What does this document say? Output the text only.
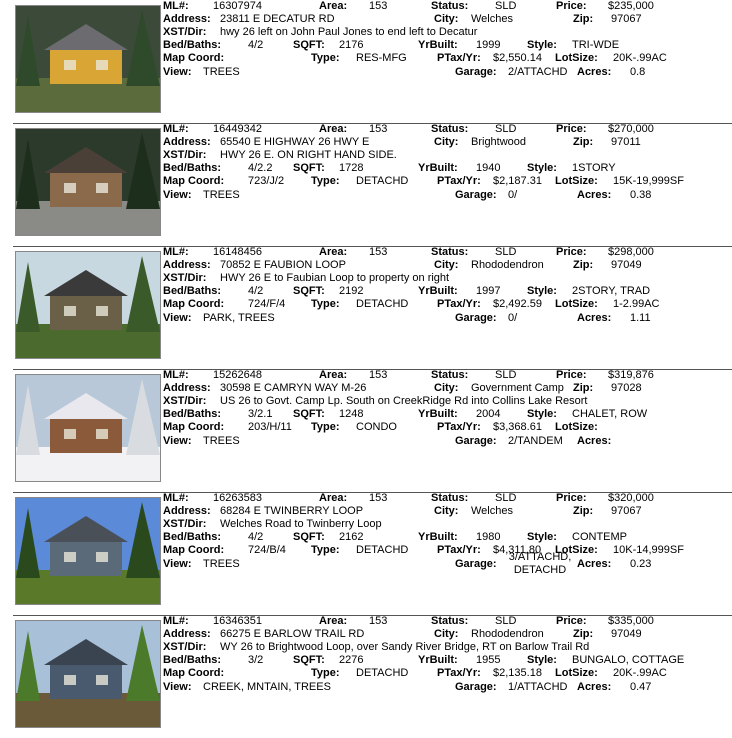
ML#: 16307974	Area: 153	Status: SLD	Price: $235,000
Address: 23811 E DECATUR RD	City: Welches	Zip: 97067
XST/Dir: hwy 26 left on John Paul Jones to end left to Decatur
Bed/Baths: 4/2	SQFT: 2176	YrBuilt: 1999 Style: TRI-WDE
Map Coord:	Type: RES-MFG	PTax/Yr: $2,550.14 LotSize: 20K-.99AC
View: TREES	Garage: 2/ATTACHD Acres: 0.8
ML#: 16449342	Area: 153	Status: SLD	Price: $270,000
Address: 65540 E HIGHWAY 26 HWY E	City: Brightwood	Zip: 97011
XST/Dir: HWY 26 E. ON RIGHT HAND SIDE.
Bed/Baths: 4/2.2 SQFT: 1728	YrBuilt: 1940 Style: 1STORY
Map Coord: 723/J/2 Type: DETACHD	PTax/Yr: $2,187.31 LotSize: 15K-19,999SF
View: TREES	Garage: 0/	Acres: 0.38
ML#: 16148456	Area: 153	Status: SLD	Price: $298,000
Address: 70852 E FAUBION LOOP	City: Rhododendron	Zip: 97049
XST/Dir: HWY 26 E to Faubian Loop to property on right
Bed/Baths: 4/2	SQFT: 2192	YrBuilt: 1997 Style: 2STORY, TRAD
Map Coord: 724/F/4 Type: DETACHD	PTax/Yr: $2,492.59 LotSize: 1-2.99AC
View: PARK, TREES	Garage: 0/	Acres: 1.11
ML#: 15262648	Area: 153	Status: SLD	Price: $319,876
Address: 30598 E CAMRYN WAY M-26	City: Government Camp Zip: 97028
XST/Dir: US 26 to Govt. Camp Lp. South on CreekRidge Rd into Collins Lake Resort
Bed/Baths: 3/2.1 SQFT: 1248	YrBuilt: 2004 Style: CHALET, ROW
Map Coord: 203/H/11 Type: CONDO	PTax/Yr: $3,368.61 LotSize:
View: TREES	Garage: 2/TANDEM Acres:
ML#: 16263583	Area: 153	Status: SLD	Price: $320,000
Address: 68284 E TWINBERRY LOOP	City: Welches	Zip: 97067
XST/Dir: Welches Road to Twinberry Loop
Bed/Baths: 4/2	SQFT: 2162	YrBuilt: 1980 Style: CONTEMP
Map Coord: 724/B/4 Type: DETACHD	PTax/Yr: $4,311.80 LotSize: 10K-14,999SF
View: TREES	Garage:
3/ATTACHD, DETACHD Acres: 0.23
ML#: 16346351	Area: 153	Status: SLD	Price: $335,000
Address: 66275 E BARLOW TRAIL RD	City: Rhododendron	Zip: 97049
XST/Dir: WY 26 to Brightwood Loop, over Sandy River Bridge, RT on Barlow Trail Rd
Bed/Baths: 3/2	SQFT: 2276	YrBuilt: 1955 Style: BUNGALO, COTTAGE
Map Coord:	Type: DETACHD	PTax/Yr: $2,135.18 LotSize: 20K-.99AC
View: CREEK, MNTAIN, TREES	Garage: 1/ATTACHD Acres: 0.47
